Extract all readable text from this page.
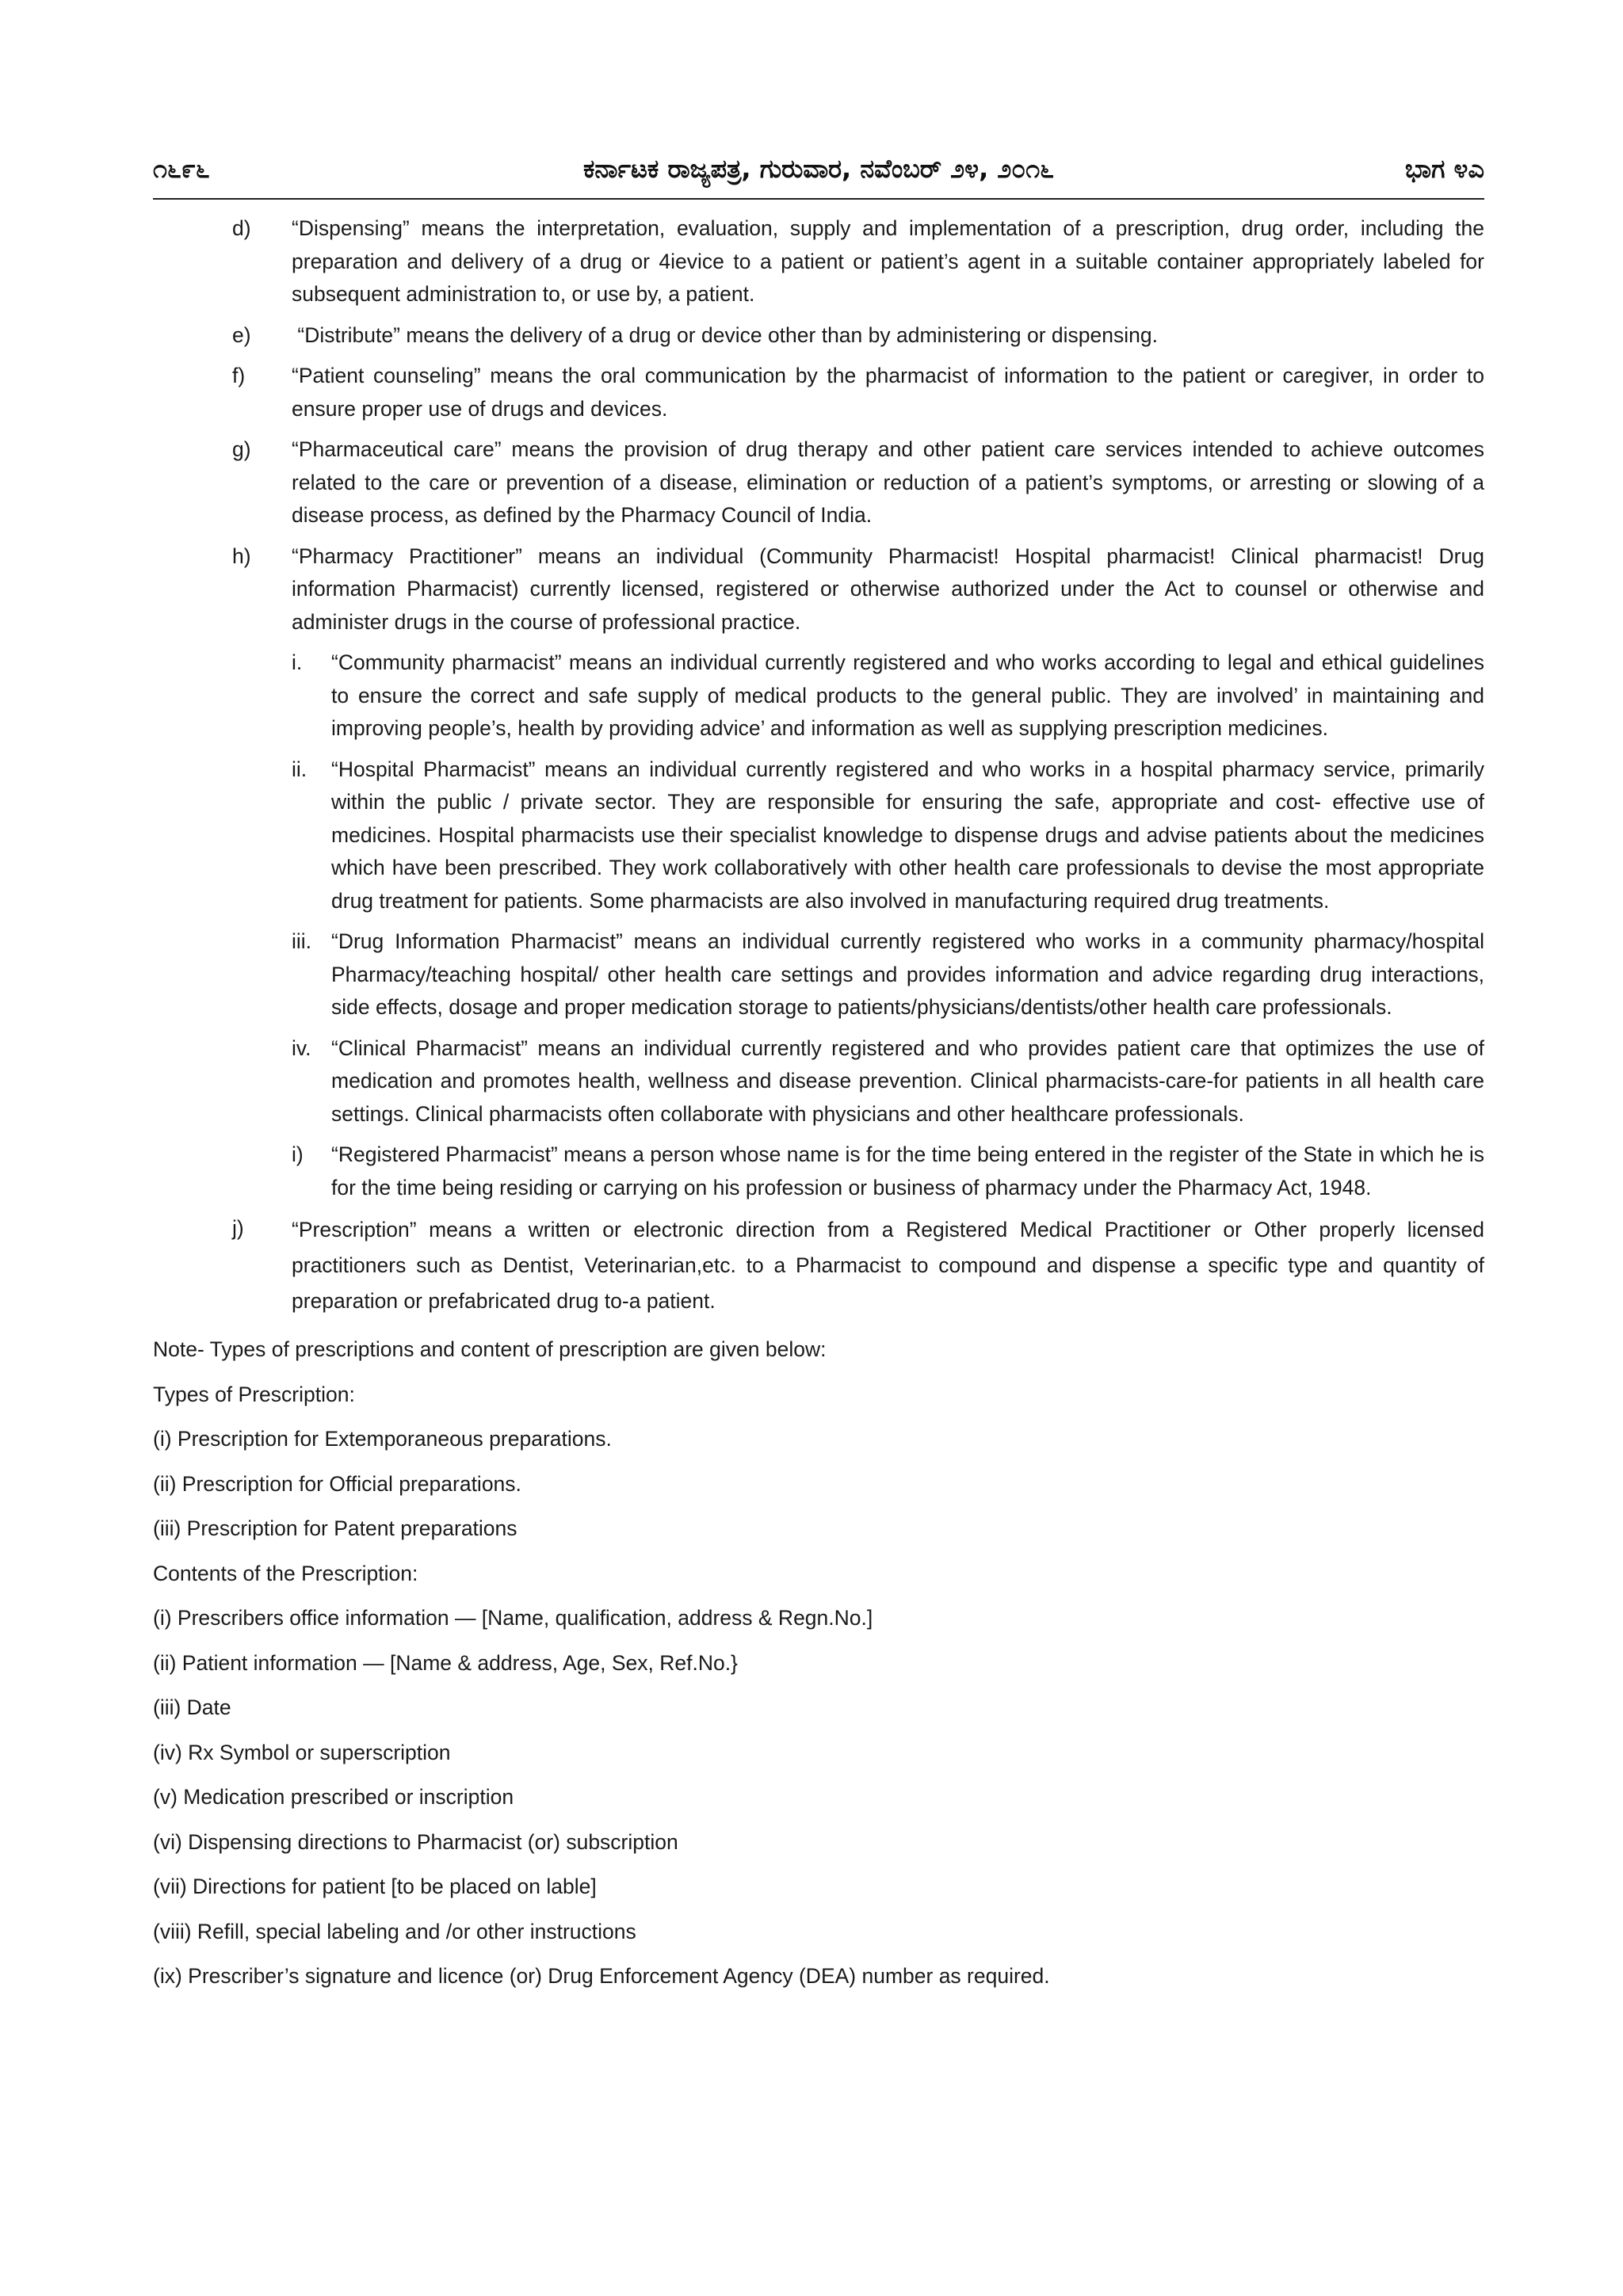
೧೬೯೬	ಕರ್ನಾಟಕ ರಾಜ್ಯಪತ್ರ, ಗುರುವಾರ, ನವೆಂಬರ್ ೨೪, ೨೦೧೬	ಭಾಗ ೪ಎ
d) “Dispensing” means the interpretation, evaluation, supply and implementation of a prescription, drug order, including the preparation and delivery of a drug or 4ievice to a patient or patient’s agent in a suitable container appropriately labeled for subsequent administration to, or use by, a patient.
e) “Distribute” means the delivery of a drug or device other than by administering or dispensing.
f) “Patient counseling” means the oral communication by the pharmacist of information to the patient or caregiver, in order to ensure proper use of drugs and devices.
g) “Pharmaceutical care” means the provision of drug therapy and other patient care services intended to achieve outcomes related to the care or prevention of a disease, elimination or reduction of a patient’s symptoms, or arresting or slowing of a disease process, as defined by the Pharmacy Council of India.
h) “Pharmacy Practitioner” means an individual (Community Pharmacist! Hospital pharmacist! Clinical pharmacist! Drug information Pharmacist) currently licensed, registered or otherwise authorized under the Act to counsel or otherwise and administer drugs in the course of professional practice.
i. “Community pharmacist” means an individual currently registered and who works according to legal and ethical guidelines to ensure the correct and safe supply of medical products to the general public. They are involved’ in maintaining and improving people’s, health by providing advice’ and information as well as supplying prescription medicines.
ii. “Hospital Pharmacist” means an individual currently registered and who works in a hospital pharmacy service, primarily within the public / private sector. They are responsible for ensuring the safe, appropriate and cost- effective use of medicines. Hospital pharmacists use their specialist knowledge to dispense drugs and advise patients about the medicines which have been prescribed. They work collaboratively with other health care professionals to devise the most appropriate drug treatment for patients. Some pharmacists are also involved in manufacturing required drug treatments.
iii. “Drug Information Pharmacist” means an individual currently registered who works in a community pharmacy/hospital Pharmacy/teaching hospital/ other health care settings and provides information and advice regarding drug interactions, side effects, dosage and proper medication storage to patients/physicians/dentists/other health care professionals.
iv. “Clinical Pharmacist” means an individual currently registered and who provides patient care that optimizes the use of medication and promotes health, wellness and disease prevention. Clinical pharmacists-care-for patients in all health care settings. Clinical pharmacists often collaborate with physicians and other healthcare professionals.
i) “Registered Pharmacist” means a person whose name is for the time being entered in the register of the State in which he is for the time being residing or carrying on his profession or business of pharmacy under the Pharmacy Act, 1948.
j) “Prescription” means a written or electronic direction from a Registered Medical Practitioner or Other properly licensed practitioners such as Dentist, Veterinarian,etc. to a Pharmacist to compound and dispense a specific type and quantity of preparation or prefabricated drug to-a patient.

Note- Types of prescriptions and content of prescription are given below:

Types of Prescription:

(i) Prescription for Extemporaneous preparations.

(ii) Prescription for Official preparations.

(iii) Prescription for Patent preparations

Contents of the Prescription:

(i) Prescribers office information — [Name, qualification, address & Regn.No.]

(ii) Patient information — [Name & address, Age, Sex, Ref.No.}

(iii) Date

(iv) Rx Symbol or superscription

(v) Medication prescribed or inscription

(vi) Dispensing directions to Pharmacist (or) subscription

(vii) Directions for patient [to be placed on lable]

(viii) Refill, special labeling and /or other instructions

(ix) Prescriber’s signature and licence (or) Drug Enforcement Agency (DEA) number as required.
